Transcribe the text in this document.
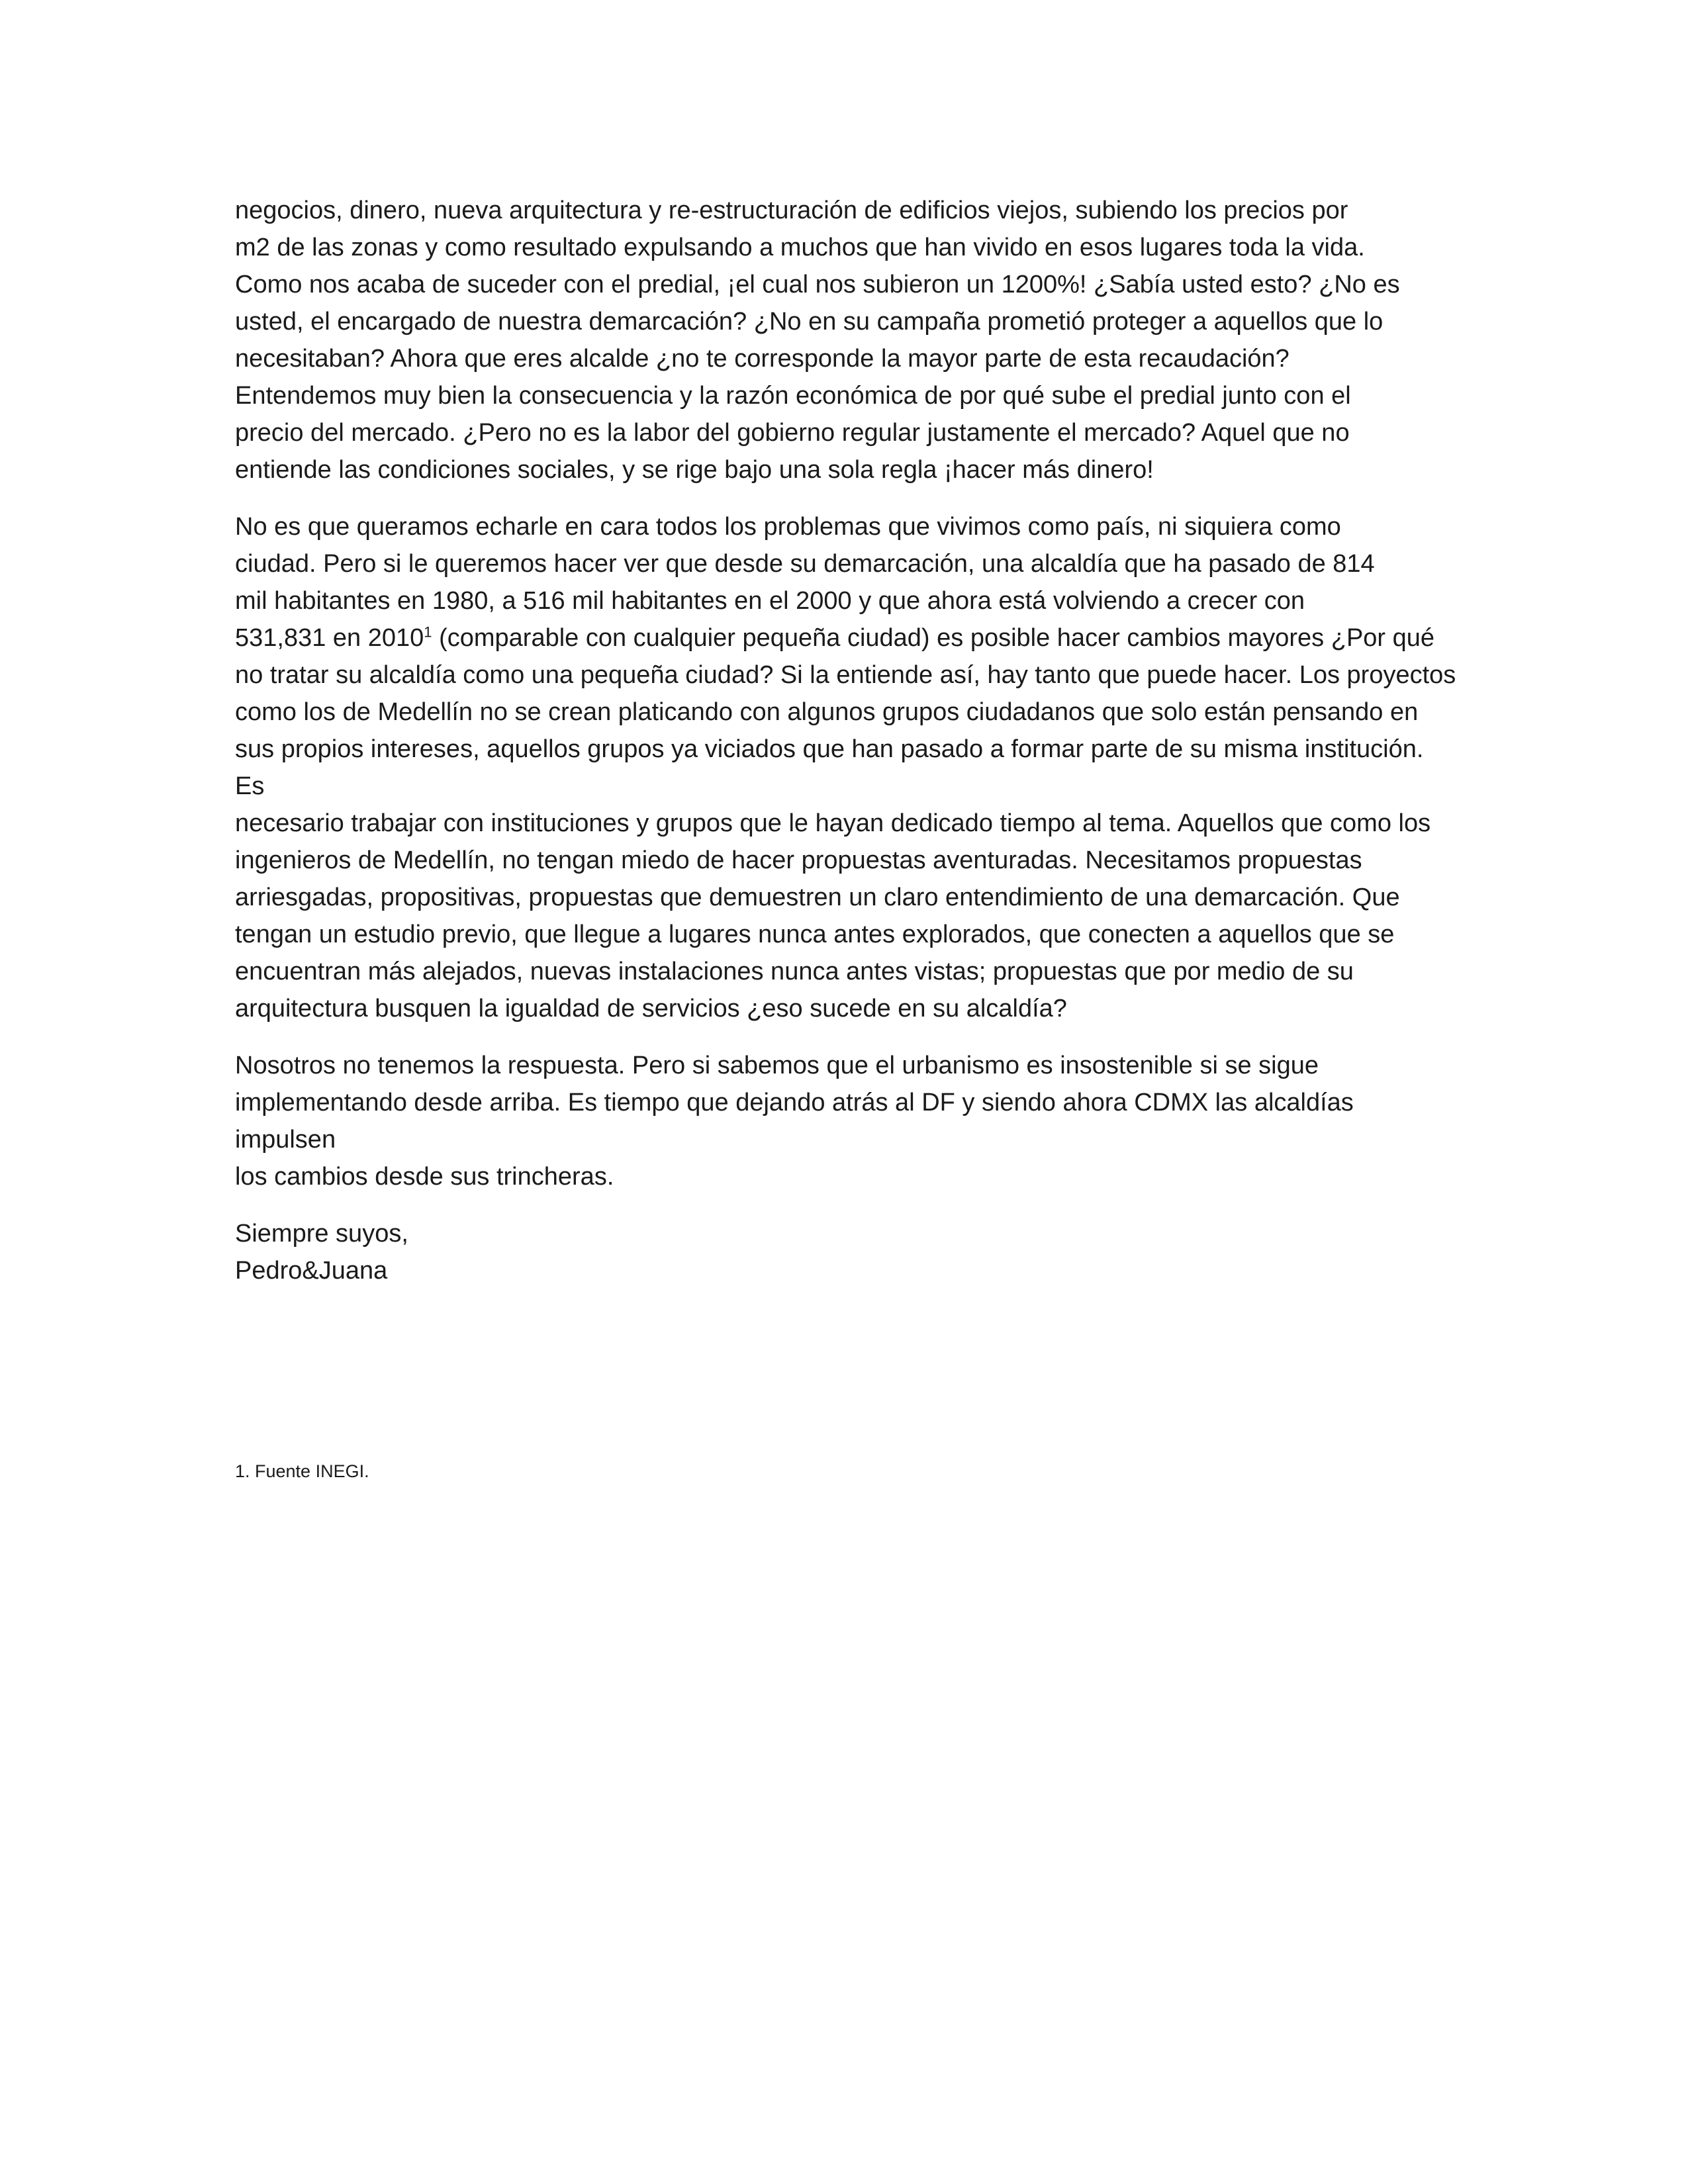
negocios, dinero, nueva arquitectura y re-estructuración de edificios viejos, subiendo los precios por
m2 de las zonas y como resultado expulsando a muchos que han vivido en esos lugares toda la vida.
Como nos acaba de suceder con el predial, ¡el cual nos subieron un 1200%! ¿Sabía usted esto? ¿No es
usted, el encargado de nuestra demarcación? ¿No en su campaña prometió proteger a aquellos que lo
necesitaban? Ahora que eres alcalde ¿no te corresponde la mayor parte de esta recaudación?
Entendemos muy bien la consecuencia y la razón económica de por qué sube el predial junto con el
precio del mercado. ¿Pero no es la labor del gobierno regular justamente el mercado? Aquel que no
entiende las condiciones sociales, y se rige bajo una sola regla ¡hacer más dinero!

No es que queramos echarle en cara todos los problemas que vivimos como país, ni siquiera como
ciudad. Pero si le queremos hacer ver que desde su demarcación, una alcaldía que ha pasado de 814
mil habitantes en 1980, a 516 mil habitantes en el 2000 y que ahora está volviendo a crecer con
531,831 en 2010$^1$ (comparable con cualquier pequeña ciudad) es posible hacer cambios mayores ¿Por qué
no tratar su alcaldía como una pequeña ciudad? Si la entiende así, hay tanto que puede hacer. Los proyectos
como los de Medellín no se crean platicando con algunos grupos ciudadanos que solo están pensando en
sus propios intereses, aquellos grupos ya viciados que han pasado a formar parte de su misma institución. Es
necesario trabajar con instituciones y grupos que le hayan dedicado tiempo al tema. Aquellos que como los
ingenieros de Medellín, no tengan miedo de hacer propuestas aventuradas. Necesitamos propuestas
arriesgadas, propositivas, propuestas que demuestren un claro entendimiento de una demarcación. Que
tengan un estudio previo, que llegue a lugares nunca antes explorados, que conecten a aquellos que se
encuentran más alejados, nuevas instalaciones nunca antes vistas; propuestas que por medio de su
arquitectura busquen la igualdad de servicios ¿eso sucede en su alcaldía?

Nosotros no tenemos la respuesta. Pero si sabemos que el urbanismo es insostenible si se sigue
implementando desde arriba. Es tiempo que dejando atrás al DF y siendo ahora CDMX las alcaldías impulsen
los cambios desde sus trincheras.

Siempre suyos,
Pedro&Juana

1. Fuente INEGI.
